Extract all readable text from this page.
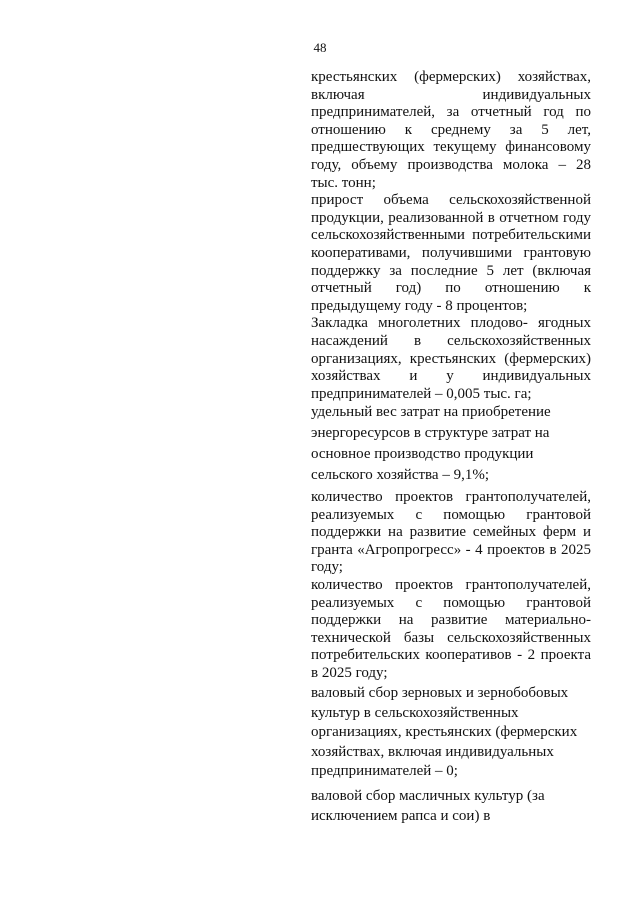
48

крестьянских (фермерских) хозяйствах,

включая индивидуальных

предпринимателей, за отчетный год по

отношению к среднему за 5 лет,

предшествующих текущему финансовому

году, объему производства молока – 28

тыс. тонн;

прирост объема сельскохозяйственной

продукции, реализованной в отчетном году

сельскохозяйственными потребительскими

кооперативами, получившими грантовую

поддержку за последние 5 лет (включая

отчетный год) по отношению к

предыдущему году - 8 процентов;

Закладка многолетних плодово- ягодных

насаждений в сельскохозяйственных

организациях, крестьянских (фермерских)

хозяйствах и у индивидуальных

предпринимателей – 0,005 тыс. га;

удельный вес затрат на приобретение

энергоресурсов в структуре затрат на

основное производство продукции

сельского хозяйства – 9,1%;

количество проектов грантополучателей,

реализуемых с помощью грантовой

поддержки на развитие семейных ферм и

гранта «Агропрогресс» - 4 проектов в 2025

году;

количество проектов грантополучателей,

реализуемых с помощью грантовой

поддержки на развитие материально-

технической базы сельскохозяйственных

потребительских кооперативов - 2 проекта

в 2025 году;

валовый сбор зерновых и зернобобовых

культур в сельскохозяйственных

организациях, крестьянских (фермерских

хозяйствах, включая индивидуальных

предпринимателей – 0;

валовой сбор масличных культур (за

исключением рапса и сои) в
